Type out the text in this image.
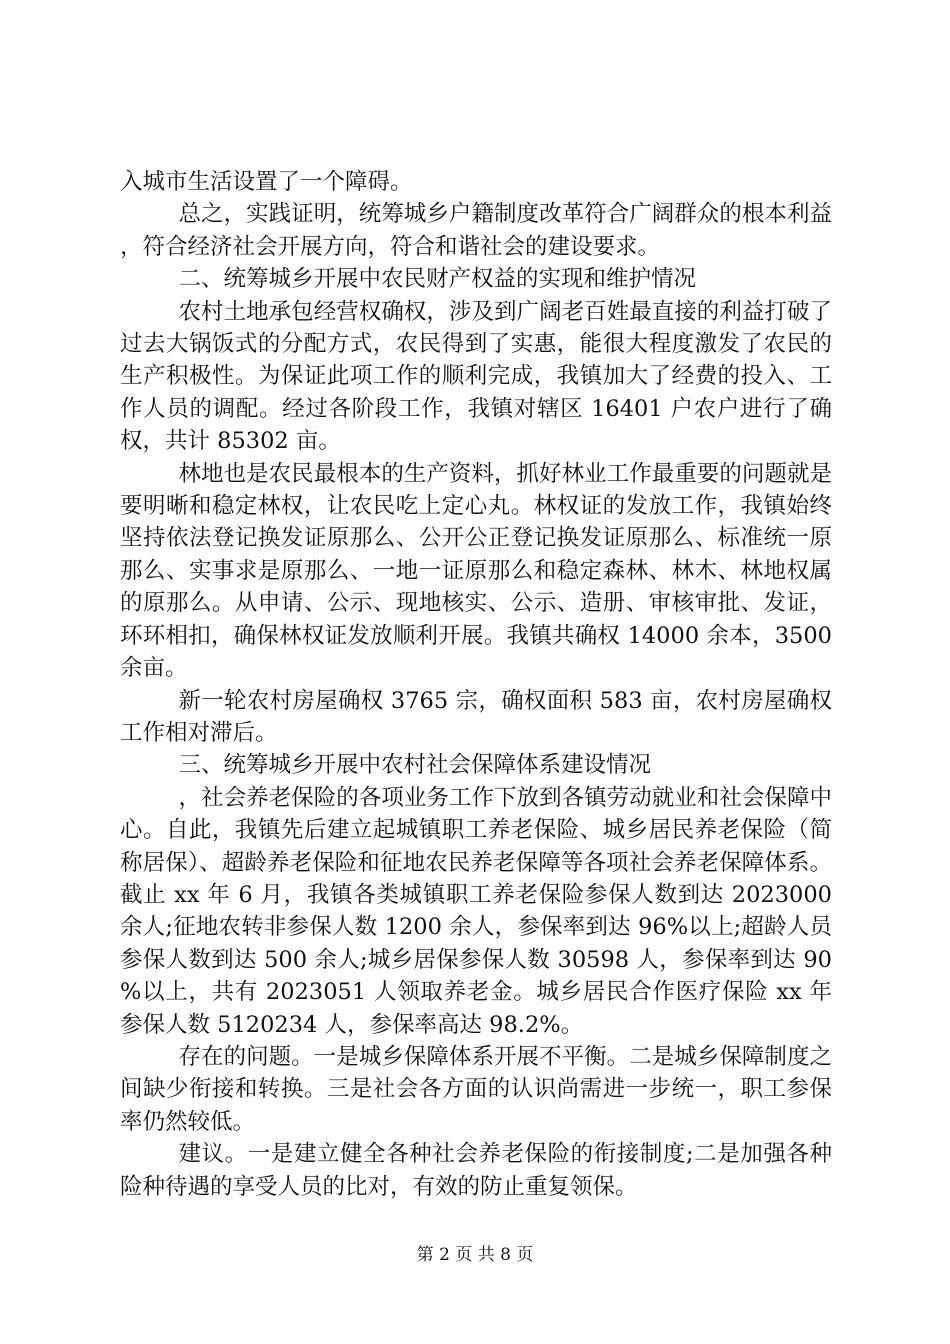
入城市生活设置了一个障碍。

总之，实践证明，统筹城乡户籍制度改革符合广阔群众的根本利益，符合经济社会开展方向，符合和谐社会的建设要求。

二、统筹城乡开展中农民财产权益的实现和维护情况

农村土地承包经营权确权，涉及到广阔老百姓最直接的利益打破了过去大锅饭式的分配方式，农民得到了实惠，能很大程度激发了农民的生产积极性。为保证此项工作的顺利完成，我镇加大了经费的投入、工作人员的调配。经过各阶段工作，我镇对辖区 16401 户农户进行了确权，共计 85302 亩。

林地也是农民最根本的生产资料，抓好林业工作最重要的问题就是要明晰和稳定林权，让农民吃上定心丸。林权证的发放工作，我镇始终坚持依法登记换发证原那么、公开公正登记换发证原那么、标准统一原那么、实事求是原那么、一地一证原那么和稳定森林、林木、林地权属的原那么。从申请、公示、现地核实、公示、造册、审核审批、发证，环环相扣，确保林权证发放顺利开展。我镇共确权 14000 余本，3500 余亩。

新一轮农村房屋确权 3765 宗，确权面积 583 亩，农村房屋确权工作相对滞后。

三、统筹城乡开展中农村社会保障体系建设情况

，社会养老保险的各项业务工作下放到各镇劳动就业和社会保障中心。自此，我镇先后建立起城镇职工养老保险、城乡居民养老保险（简称居保）、超龄养老保险和征地农民养老保障等各项社会养老保障体系。截止 xx 年 6 月，我镇各类城镇职工养老保险参保人数到达 2023000 余人;征地农转非参保人数 1200 余人，参保率到达 96%以上;超龄人员参保人数到达 500 余人;城乡居保参保人数 30598 人，参保率到达 90%以上，共有 2023051 人领取养老金。城乡居民合作医疗保险 xx 年参保人数 5120234 人，参保率高达 98.2%。

存在的问题。一是城乡保障体系开展不平衡。二是城乡保障制度之间缺少衔接和转换。三是社会各方面的认识尚需进一步统一，职工参保率仍然较低。

建议。一是建立健全各种社会养老保险的衔接制度;二是加强各种险种待遇的享受人员的比对，有效的防止重复领保。

第 2 页 共 8 页
